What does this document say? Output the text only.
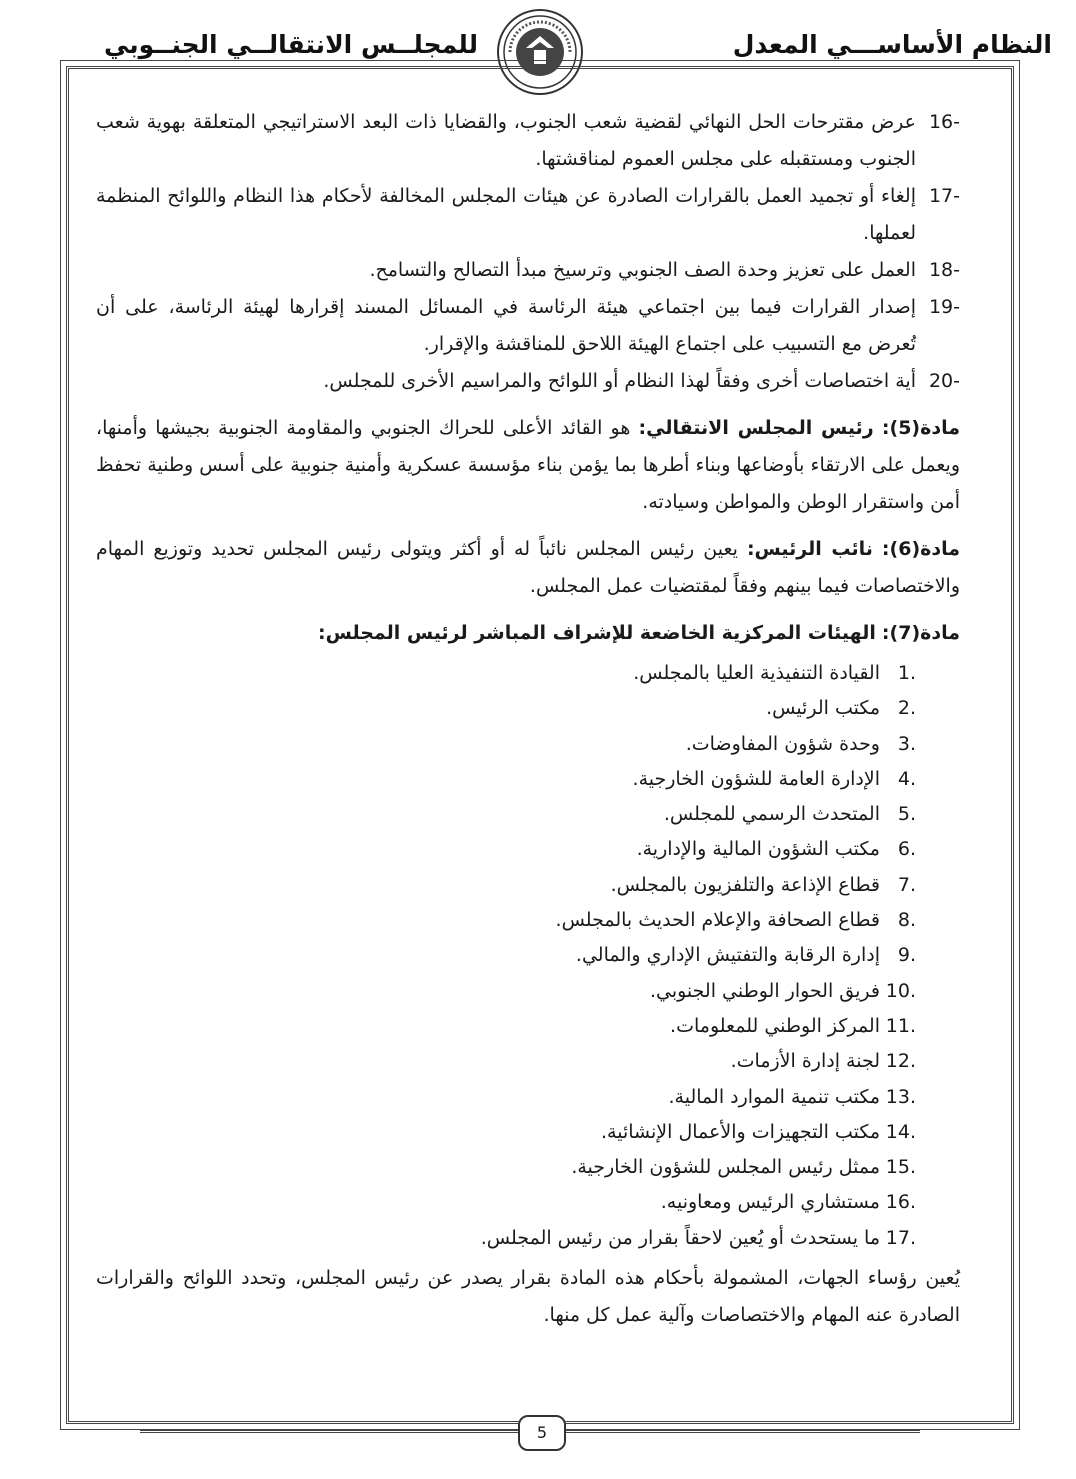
النظام الأساســـي المعدل
للمجلــس الانتقالــي الجنــوبي
-16
عرض مقترحات الحل النهائي لقضية شعب الجنوب، والقضايا ذات البعد الاستراتيجي المتعلقة بهوية شعب الجنوب ومستقبله على مجلس العموم لمناقشتها.
-17
إلغاء أو تجميد العمل بالقرارات الصادرة عن هيئات المجلس المخالفة لأحكام هذا النظام واللوائح المنظمة لعملها.
-18
العمل على تعزيز وحدة الصف الجنوبي وترسيخ مبدأ التصالح والتسامح.
-19
إصدار القرارات فيما بين اجتماعي هيئة الرئاسة في المسائل المسند إقرارها لهيئة الرئاسة، على أن تُعرض مع التسبيب على اجتماع الهيئة اللاحق للمناقشة والإقرار.
-20
أية اختصاصات أخرى وفقاً لهذا النظام أو اللوائح والمراسيم الأخرى للمجلس.
مادة(5): رئيس المجلس الانتقالي: هو القائد الأعلى للحراك الجنوبي والمقاومة الجنوبية بجيشها وأمنها، ويعمل على الارتقاء بأوضاعها وبناء أطرها بما يؤمن بناء مؤسسة عسكرية وأمنية جنوبية على أسس وطنية تحفظ أمن واستقرار الوطن والمواطن وسيادته.
مادة(6): نائب الرئيس: يعين رئيس المجلس نائباً له أو أكثر ويتولى رئيس المجلس تحديد وتوزيع المهام والاختصاصات فيما بينهم وفقاً لمقتضيات عمل المجلس.
مادة(7): الهيئات المركزية الخاضعة للإشراف المباشر لرئيس المجلس:
.1
القيادة التنفيذية العليا بالمجلس.
.2
مكتب الرئيس.
.3
وحدة شؤون المفاوضات.
.4
الإدارة العامة للشؤون الخارجية.
.5
المتحدث الرسمي للمجلس.
.6
مكتب الشؤون المالية والإدارية.
.7
قطاع الإذاعة والتلفزيون بالمجلس.
.8
قطاع الصحافة والإعلام الحديث بالمجلس.
.9
إدارة الرقابة والتفتيش الإداري والمالي.
.10
فريق الحوار الوطني الجنوبي.
.11
المركز الوطني للمعلومات.
.12
لجنة إدارة الأزمات.
.13
مكتب تنمية الموارد المالية.
.14
مكتب التجهيزات والأعمال الإنشائية.
.15
ممثل رئيس المجلس للشؤون الخارجية.
.16
مستشاري الرئيس ومعاونيه.
.17
ما يستحدث أو يُعين لاحقاً بقرار من رئيس المجلس.
يُعين رؤساء الجهات، المشمولة بأحكام هذه المادة بقرار يصدر عن رئيس المجلس، وتحدد اللوائح والقرارات الصادرة عنه المهام والاختصاصات وآلية عمل كل منها.
5
